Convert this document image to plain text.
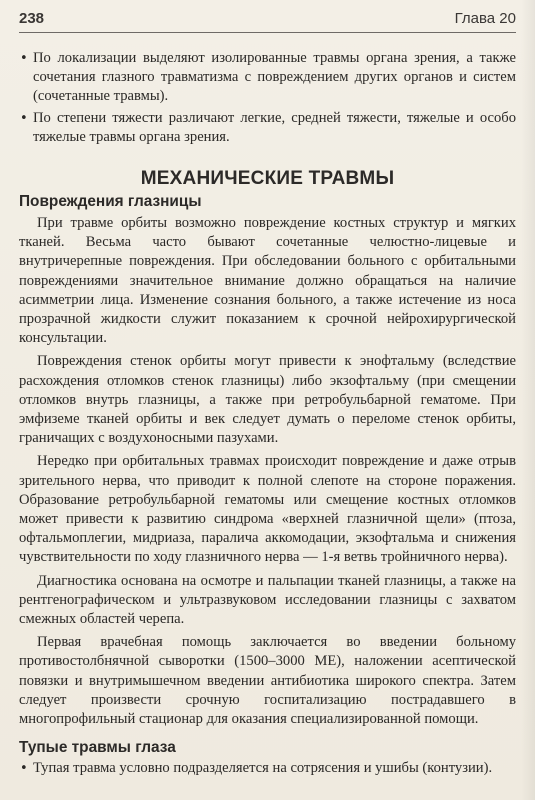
238	Глава 20
• По локализации выделяют изолированные травмы органа зрения, а также сочетания глазного травматизма с повреждением других органов и систем (сочетанные травмы).
• По степени тяжести различают легкие, средней тяжести, тяжелые и особо тяжелые травмы органа зрения.
МЕХАНИЧЕСКИЕ ТРАВМЫ
Повреждения глазницы

При травме орбиты возможно повреждение костных структур и мягких тканей. Весьма часто бывают сочетанные челюстно-лицевые и внутричерепные повреждения. При обследовании больного с орбитальными повреждениями значительное внимание должно обращаться на наличие асимметрии лица. Изменение сознания больного, а также истечение из носа прозрачной жидкости служит показанием к срочной нейрохирургической консультации.

Повреждения стенок орбиты могут привести к энофтальму (вследствие расхождения отломков стенок глазницы) либо экзофтальму (при смещении отломков внутрь глазницы, а также при ретробульбарной гематоме. При эмфиземе тканей орбиты и век следует думать о переломе стенок орбиты, граничащих с воздухоносными пазухами.

Нередко при орбитальных травмах происходит повреждение и даже отрыв зрительного нерва, что приводит к полной слепоте на стороне поражения. Образование ретробульбарной гематомы или смещение костных отломков может привести к развитию синдрома «верхней глазничной щели» (птоза, офтальмоплегии, мидриаза, паралича аккомодации, экзофтальма и снижения чувствительности по ходу глазничного нерва — 1-я ветвь тройничного нерва).

Диагностика основана на осмотре и пальпации тканей глазницы, а также на рентгенографическом и ультразвуковом исследовании глазницы с захватом смежных областей черепа.

Первая врачебная помощь заключается во введении больному противостолбнячной сыворотки (1500–3000 МЕ), наложении асептической повязки и внутримышечном введении антибиотика широкого спектра. Затем следует произвести срочную госпитализацию пострадавшего в многопрофильный стационар для оказания специализированной помощи.

Тупые травмы глаза
• Тупая травма условно подразделяется на сотрясения и ушибы (контузии).
